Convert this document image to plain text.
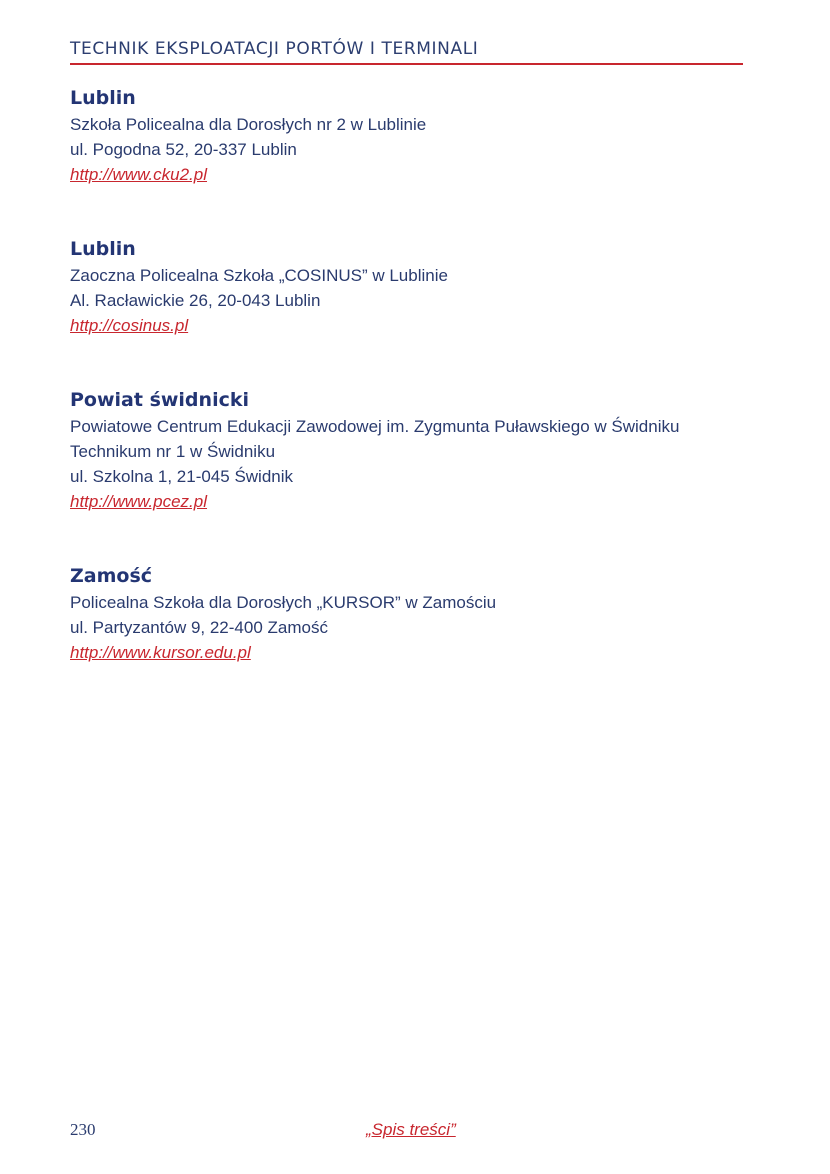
TECHNIK EKSPLOATACJI PORTÓW I TERMINALI
Lublin
Szkoła Policealna dla Dorosłych nr 2 w Lublinie
ul. Pogodna 52, 20-337 Lublin
http://www.cku2.pl
Lublin
Zaoczna Policealna Szkoła „COSINUS” w Lublinie
Al. Racławickie 26, 20-043 Lublin
http://cosinus.pl
Powiat świdnicki
Powiatowe Centrum Edukacji Zawodowej im. Zygmunta Puławskiego w Świdniku Technikum nr 1 w Świdniku
ul. Szkolna 1, 21-045 Świdnik
http://www.pcez.pl
Zamość
Policealna Szkoła dla Dorosłych „KURSOR” w Zamościu
ul. Partyzantów 9, 22-400 Zamość
http://www.kursor.edu.pl
230	„Spis treści”
